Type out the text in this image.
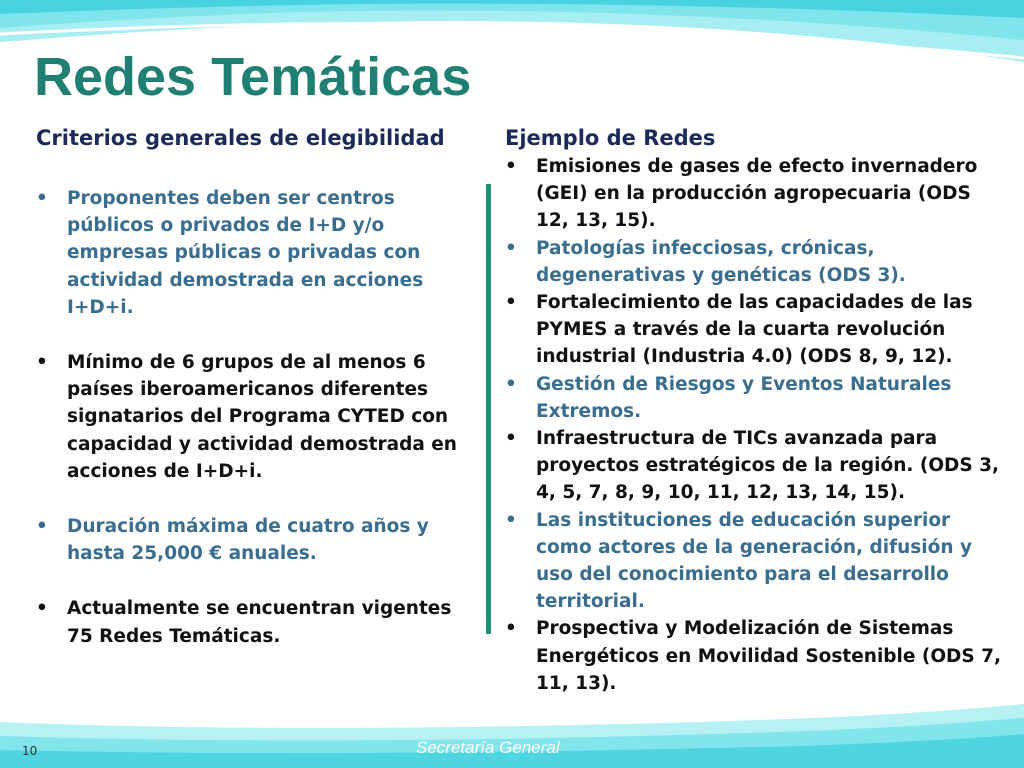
Redes Temáticas
Criterios generales de elegibilidad
•	Proponentes deben ser centros públicos o privados de I+D y/o empresas públicas o privadas con actividad demostrada en acciones I+D+i.
•	Mínimo de 6 grupos de al menos 6 países iberoamericanos diferentes signatarios del Programa CYTED con capacidad y actividad demostrada en acciones de I+D+i.
•	Duración máxima de cuatro años y hasta 25,000 € anuales.
•	Actualmente se encuentran vigentes 75 Redes Temáticas.
Ejemplo de Redes
•	Emisiones de gases de efecto invernadero (GEI) en la producción agropecuaria (ODS 12, 13, 15).
•	Patologías infecciosas, crónicas, degenerativas y genéticas (ODS 3).
•	Fortalecimiento de las capacidades de las PYMES a través de la cuarta revolución industrial (Industria 4.0) (ODS 8, 9, 12).
•	Gestión de Riesgos y Eventos Naturales Extremos.
•	Infraestructura de TICs avanzada para proyectos estratégicos de la región. (ODS 3, 4, 5, 7, 8, 9, 10, 11, 12, 13, 14, 15).
•	Las instituciones de educación superior como actores de la generación, difusión y uso del conocimiento para el desarrollo territorial.
•	Prospectiva y Modelización de Sistemas Energéticos en Movilidad Sostenible (ODS 7, 11, 13).
10	Secretaría General
